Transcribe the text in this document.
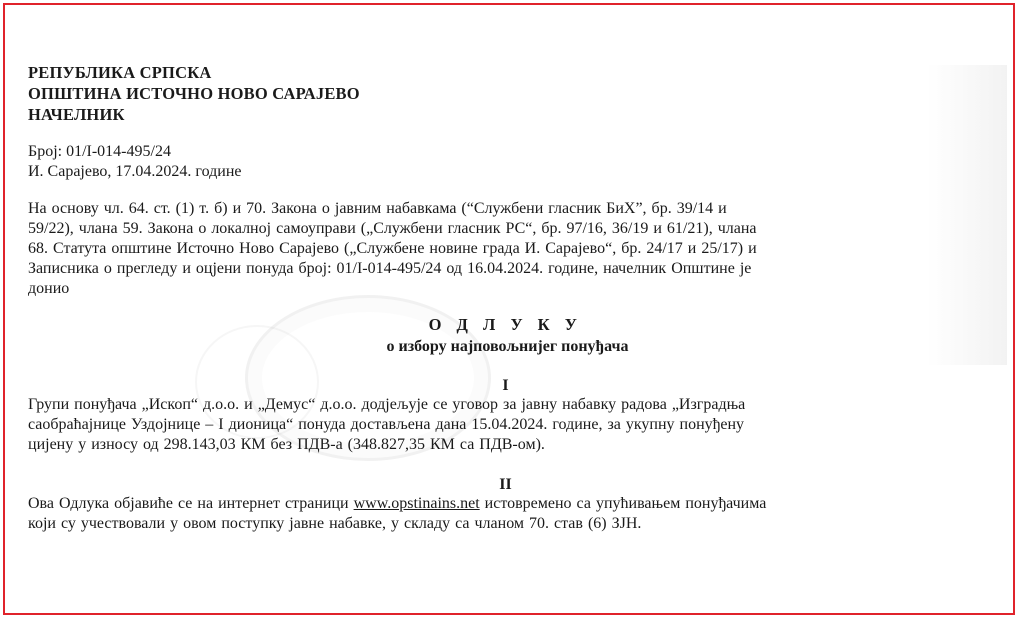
РЕПУБЛИКА СРПСКА
ОПШТИНА ИСТОЧНО НОВО САРАЈЕВО
НАЧЕЛНИК
Број: 01/I-014-495/24
И. Сарајево, 17.04.2024. године
На основу чл. 64. ст. (1) т. б) и 70. Закона о јавним набавкама (“Службени гласник БиХ”, бр. 39/14 и
59/22), члана 59. Закона о локалној самоуправи („Службени гласник РС“, бр. 97/16, 36/19 и 61/21), члана
68. Статута општине Источно Ново Сарајево („Службене новине града И. Сарајево“, бр. 24/17 и 25/17) и
Записника о прегледу и оцјени понуда број: 01/I-014-495/24 од 16.04.2024. године, начелник Општине је
донио
О Д Л У К У
о избору најповољнијег понуђача
I
Групи понуђача „Ископ“ д.о.о. и „Демус“ д.о.о. додјељује се уговор за јавну набавку радова „Изградња
саобраћајнице Уздојнице – I дионица“ понуда достављена дана 15.04.2024. године, за укупну понуђену
цијену у износу од 298.143,03 КМ без ПДВ-а (348.827,35 КМ са ПДВ-ом).
II
Ова Одлука објавиће се на интернет страници www.opstinains.net истовремено са упућивањем понуђачима
који су учествовали у овом поступку јавне набавке, у складу са чланом 70. став (6) ЗЈН.
